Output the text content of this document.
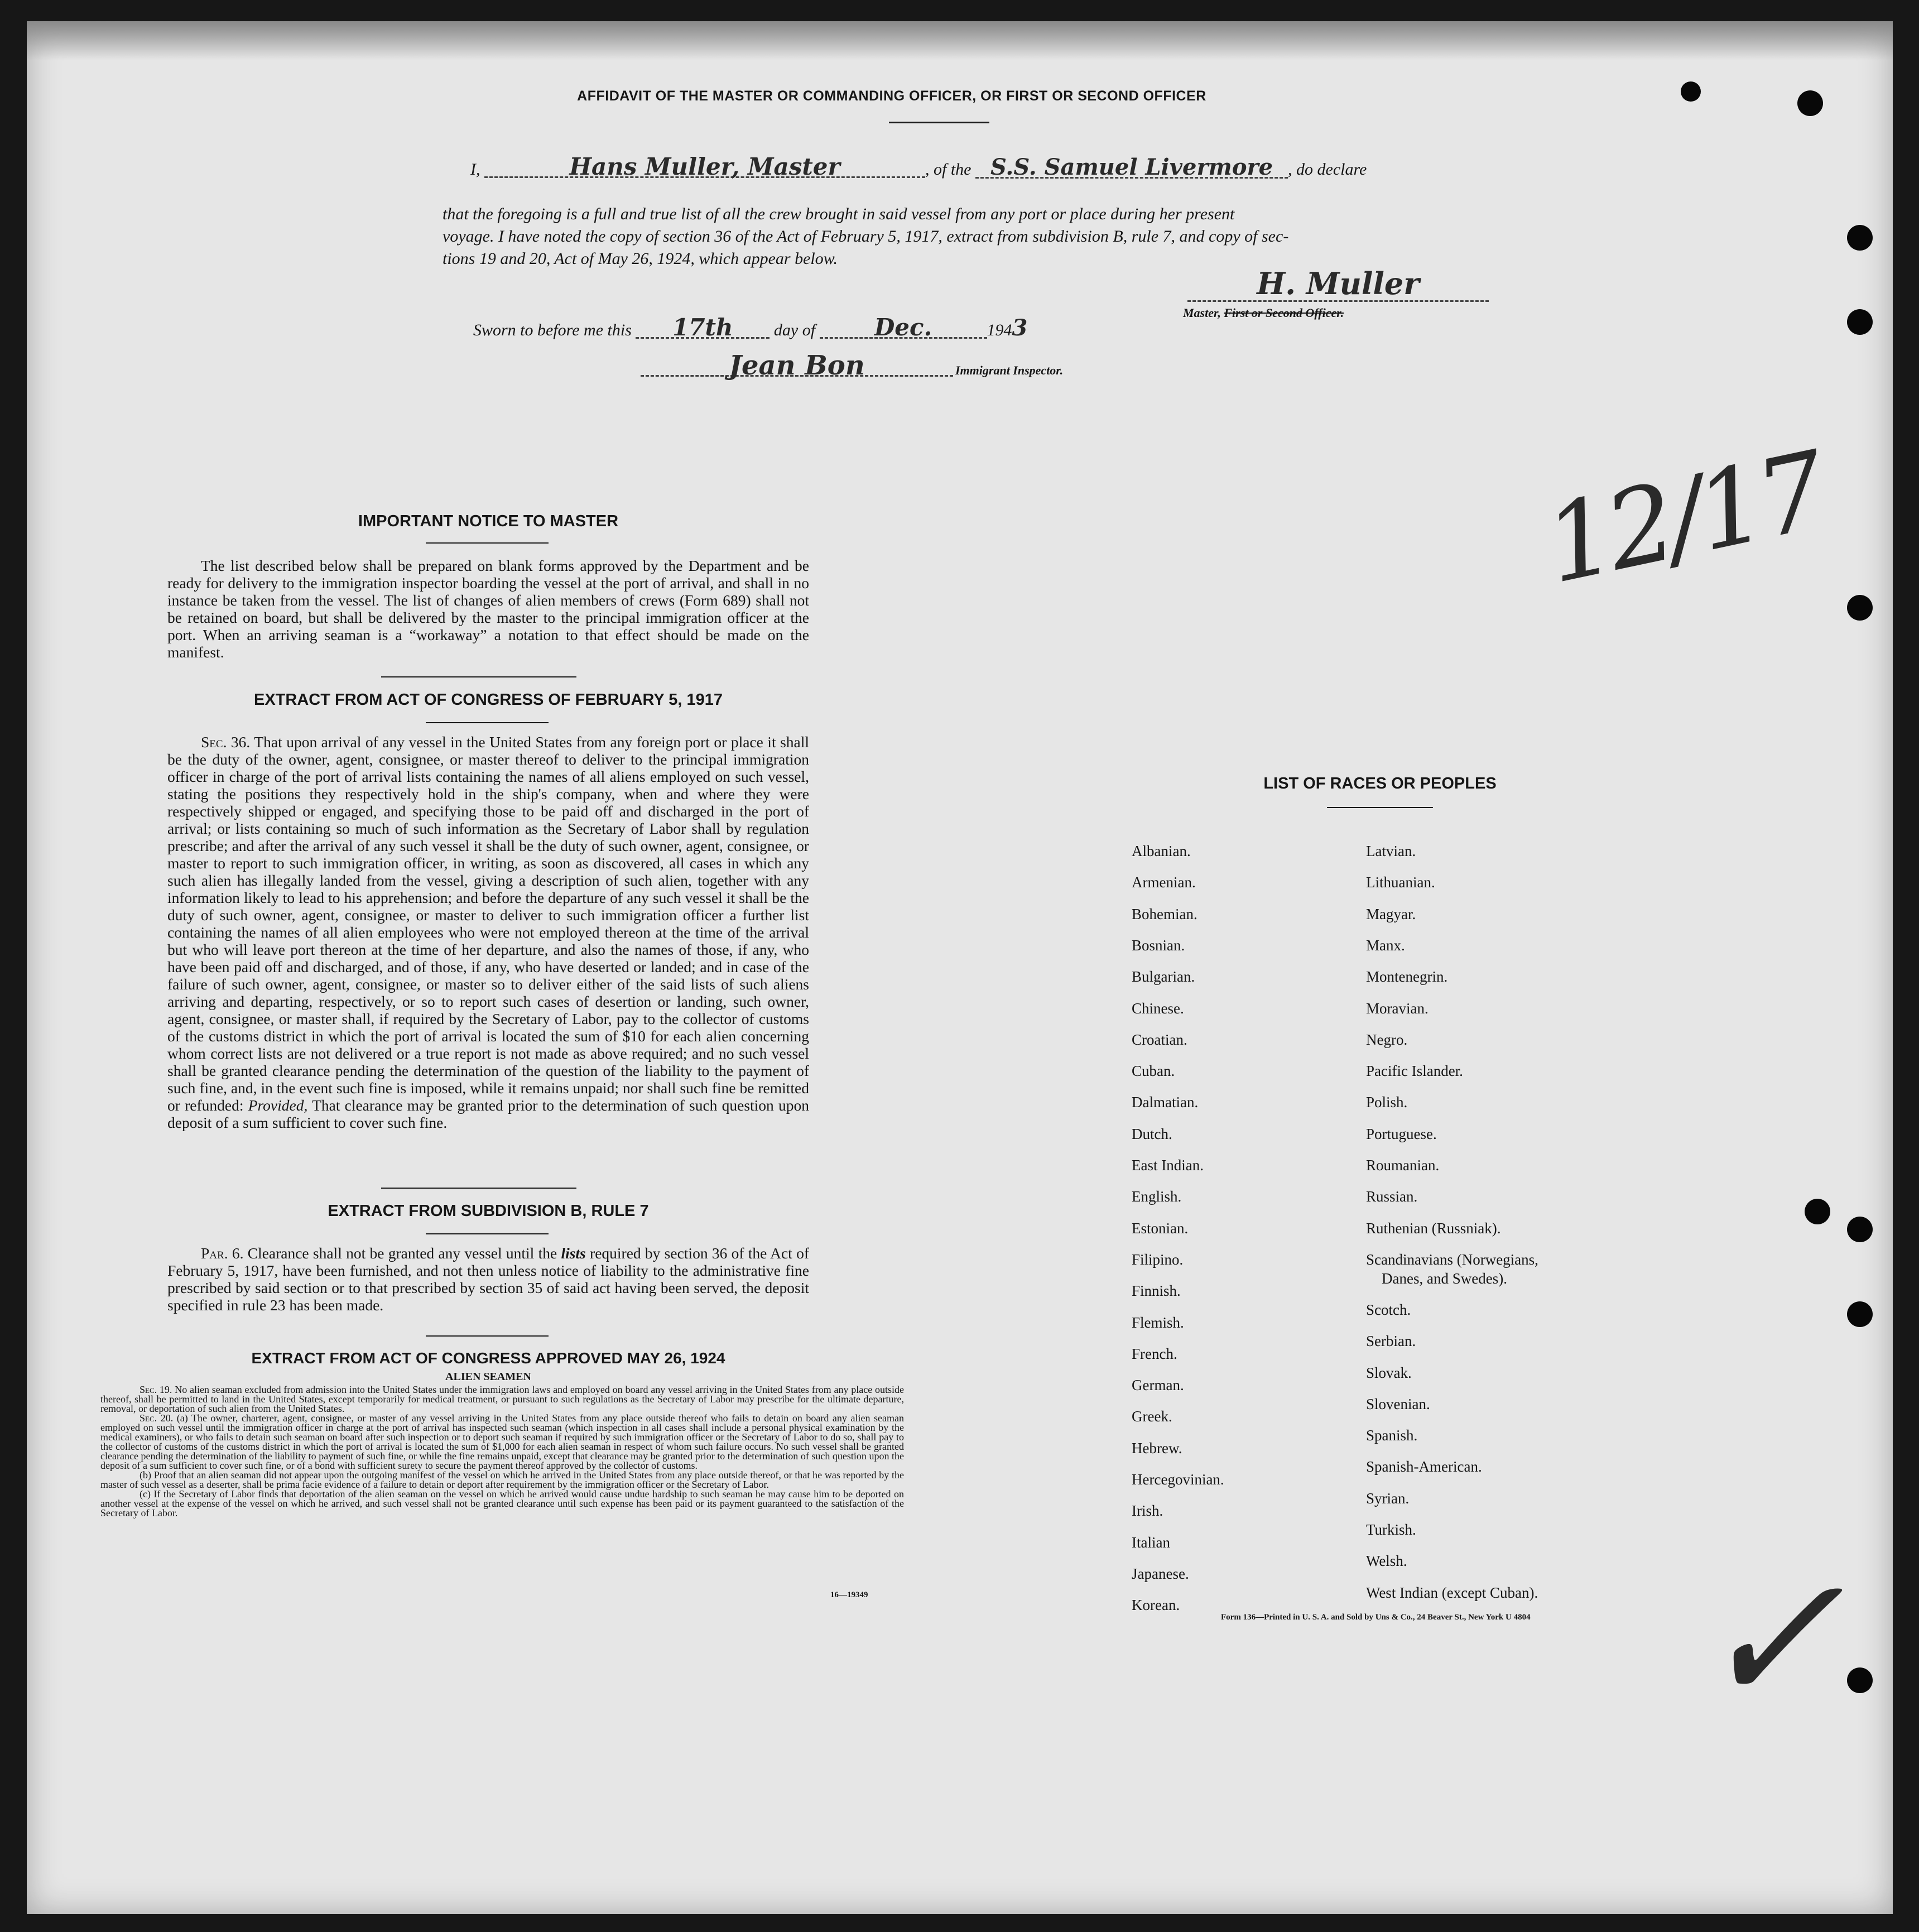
AFFIDAVIT OF THE MASTER OR COMMANDING OFFICER, OR FIRST OR SECOND OFFICER
I,	Hans Muller, Master	, of the S.S. Samuel Livermore , do declare
that the foregoing is a full and true list of all the crew brought in said vessel from any port or place during her present
voyage. I have noted the copy of section 36 of the Act of February 5, 1917, extract from subdivision B, rule 7, and copy of sec-
tions 19 and 20, Act of May 26, 1924, which appear below.
H. Muller
Master, First or Second Officer.
Sworn to before me this 17th day of	Dec.	1943
Jean Bon	Immigrant Inspector.
12/17
✓
IMPORTANT NOTICE TO MASTER
The list described below shall be prepared on blank forms approved by the Department and be ready for delivery to the immigration inspector boarding the vessel at the port of arrival, and shall in no instance be taken from the vessel. The list of changes of alien members of crews (Form 689) shall not be retained on board, but shall be delivered by the master to the principal immigration officer at the port. When an arriving seaman is a “workaway” a notation to that effect should be made on the manifest.
EXTRACT FROM ACT OF CONGRESS OF FEBRUARY 5, 1917
Sec. 36. That upon arrival of any vessel in the United States from any foreign port or place it shall be the duty of the owner, agent, consignee, or master thereof to deliver to the principal immigration officer in charge of the port of arrival lists containing the names of all aliens employed on such vessel, stating the positions they respectively hold in the ship's company, when and where they were respectively shipped or engaged, and specifying those to be paid off and discharged in the port of arrival; or lists containing so much of such information as the Secretary of Labor shall by regulation prescribe; and after the arrival of any such vessel it shall be the duty of such owner, agent, consignee, or master to report to such immigration officer, in writing, as soon as discovered, all cases in which any such alien has illegally landed from the vessel, giving a description of such alien, together with any information likely to lead to his apprehension; and before the departure of any such vessel it shall be the duty of such owner, agent, consignee, or master to deliver to such immigration officer a further list containing the names of all alien employees who were not employed thereon at the time of the arrival but who will leave port thereon at the time of her departure, and also the names of those, if any, who have been paid off and discharged, and of those, if any, who have deserted or landed; and in case of the failure of such owner, agent, consignee, or master so to deliver either of the said lists of such aliens arriving and departing, respectively, or so to report such cases of desertion or landing, such owner, agent, consignee, or master shall, if required by the Secretary of Labor, pay to the collector of customs of the customs district in which the port of arrival is located the sum of $10 for each alien concerning whom correct lists are not delivered or a true report is not made as above required; and no such vessel shall be granted clearance pending the determination of the question of the liability to the payment of such fine, and, in the event such fine is imposed, while it remains unpaid; nor shall such fine be remitted or refunded: Provided, That clearance may be granted prior to the determination of such question upon deposit of a sum sufficient to cover such fine.
EXTRACT FROM SUBDIVISION B, RULE 7
Par. 6. Clearance shall not be granted any vessel until the lists required by section 36 of the Act of February 5, 1917, have been furnished, and not then unless notice of liability to the administrative fine prescribed by said section or to that prescribed by section 35 of said act having been served, the deposit specified in rule 23 has been made.
EXTRACT FROM ACT OF CONGRESS APPROVED MAY 26, 1924
ALIEN SEAMEN
Sec. 19. No alien seaman excluded from admission into the United States under the immigration laws and employed on board any vessel arriving in the United States from any place outside thereof, shall be permitted to land in the United States, except temporarily for medical treatment, or pursuant to such regulations as the Secretary of Labor may prescribe for the ultimate departure, removal, or deportation of such alien from the United States.
Sec. 20. (a) The owner, charterer, agent, consignee, or master of any vessel arriving in the United States from any place outside thereof who fails to detain on board any alien seaman employed on such vessel until the immigration officer in charge at the port of arrival has inspected such seaman (which inspection in all cases shall include a personal physical examination by the medical examiners), or who fails to detain such seaman on board after such inspection or to deport such seaman if required by such immigration officer or the Secretary of Labor to do so, shall pay to the collector of customs of the customs district in which the port of arrival is located the sum of $1,000 for each alien seaman in respect of whom such failure occurs. No such vessel shall be granted clearance pending the determination of the liability to payment of such fine, or while the fine remains unpaid, except that clearance may be granted prior to the determination of such question upon the deposit of a sum sufficient to cover such fine, or of a bond with sufficient surety to secure the payment thereof approved by the collector of customs.
(b) Proof that an alien seaman did not appear upon the outgoing manifest of the vessel on which he arrived in the United States from any place outside thereof, or that he was reported by the master of such vessel as a deserter, shall be prima facie evidence of a failure to detain or deport after requirement by the immigration officer or the Secretary of Labor.
(c) If the Secretary of Labor finds that deportation of the alien seaman on the vessel on which he arrived would cause undue hardship to such seaman he may cause him to be deported on another vessel at the expense of the vessel on which he arrived, and such vessel shall not be granted clearance until such expense has been paid or its payment guaranteed to the satisfaction of the Secretary of Labor.
16—19349
LIST OF RACES OR PEOPLES
Albanian.
Armenian.
Bohemian.
Bosnian.
Bulgarian.
Chinese.
Croatian.
Cuban.
Dalmatian.
Dutch.
East Indian.
English.
Estonian.
Filipino.
Finnish.
Flemish.
French.
German.
Greek.
Hebrew.
Hercegovinian.
Irish.
Italian
Japanese.
Korean.
Latvian.
Lithuanian.
Magyar.
Manx.
Montenegrin.
Moravian.
Negro.
Pacific Islander.
Polish.
Portuguese.
Roumanian.
Russian.
Ruthenian (Russniak).
Scandinavians (Norwegians,
Danes, and Swedes).
Scotch.
Serbian.
Slovak.
Slovenian.
Spanish.
Spanish-American.
Syrian.
Turkish.
Welsh.
West Indian (except Cuban).
Form 136—Printed in U. S. A. and Sold by Uns & Co., 24 Beaver St., New York U 4804
